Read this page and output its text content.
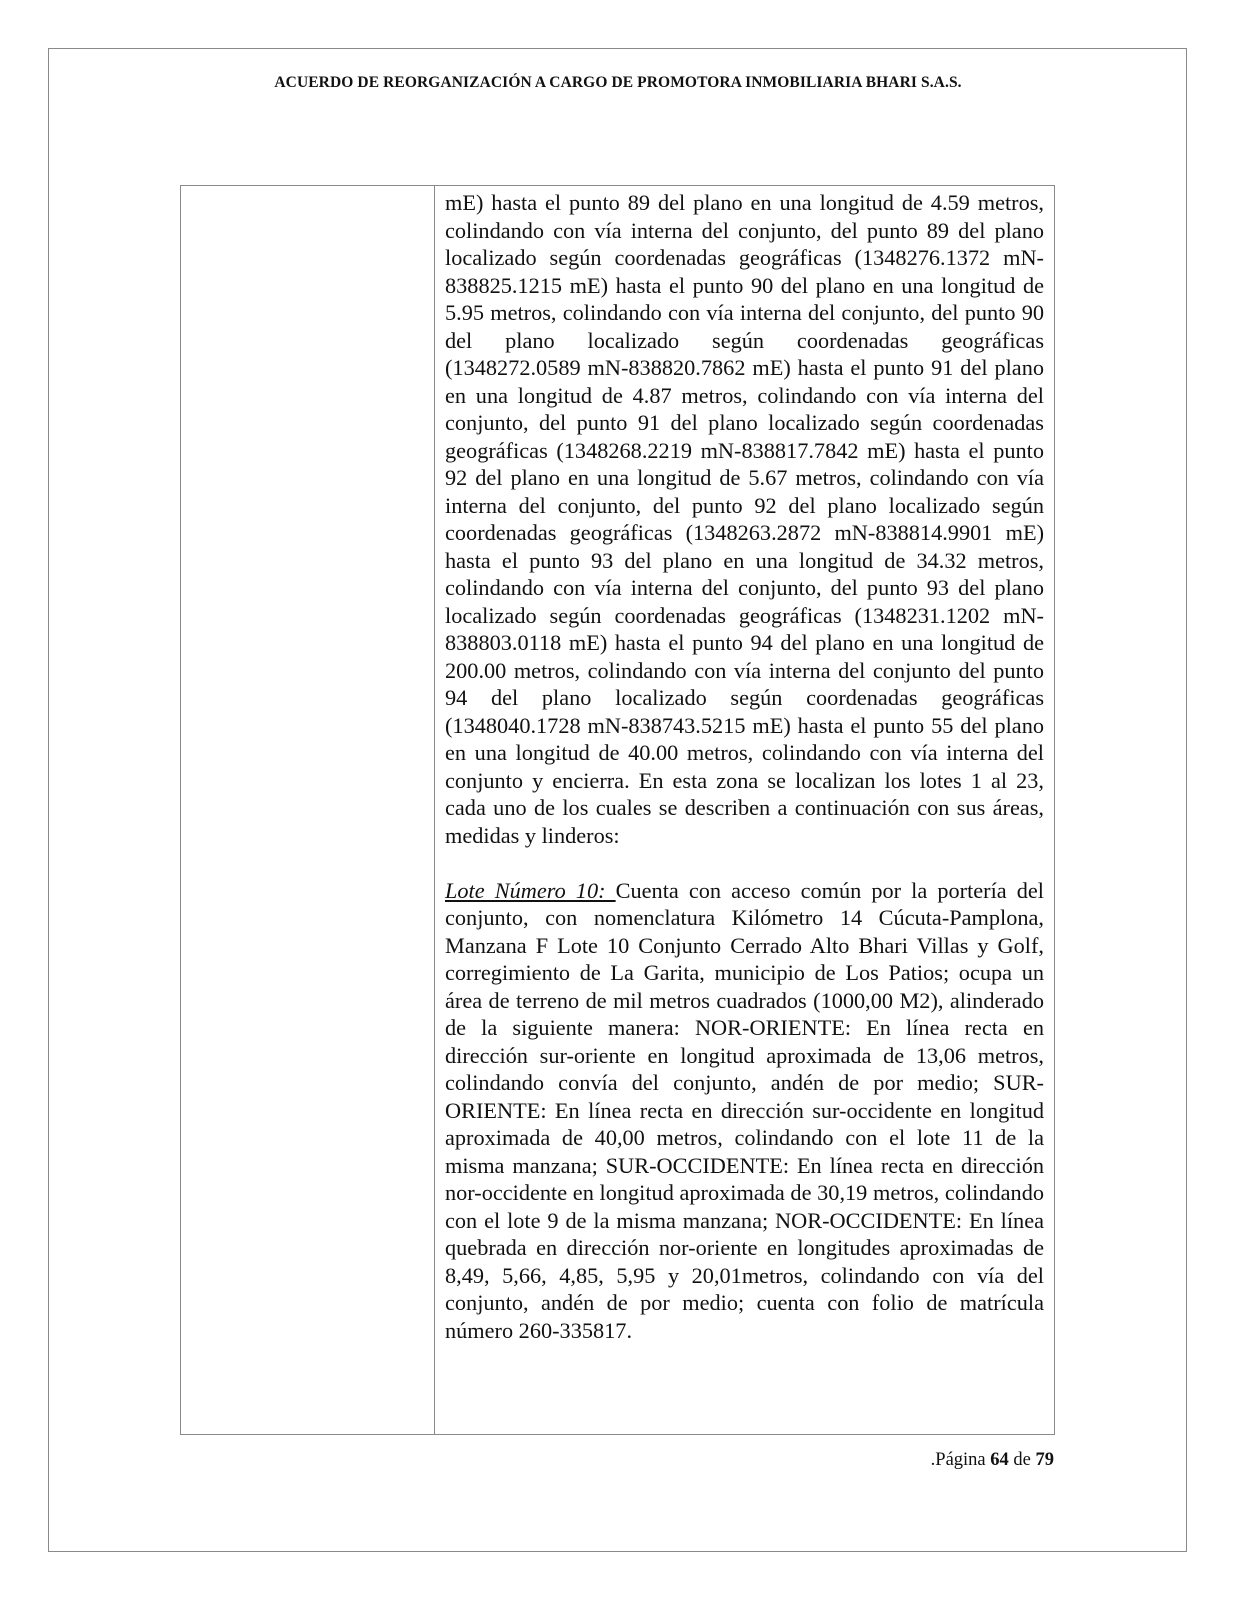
ACUERDO DE REORGANIZACIÓN A CARGO DE PROMOTORA INMOBILIARIA BHARI S.A.S.

mE) hasta el punto 89 del plano en una longitud de 4.59 metros, colindando con vía interna del conjunto, del punto 89 del plano localizado según coordenadas geográficas (1348276.1372 mN-838825.1215 mE) hasta el punto 90 del plano en una longitud de 5.95 metros, colindando con vía interna del conjunto, del punto 90 del plano localizado según coordenadas geográficas (1348272.0589 mN-838820.7862 mE) hasta el punto 91 del plano en una longitud de 4.87 metros, colindando con vía interna del conjunto, del punto 91 del plano localizado según coordenadas geográficas (1348268.2219 mN-838817.7842 mE) hasta el punto 92 del plano en una longitud de 5.67 metros, colindando con vía interna del conjunto, del punto 92 del plano localizado según coordenadas geográficas (1348263.2872 mN-838814.9901 mE) hasta el punto 93 del plano en una longitud de 34.32 metros, colindando con vía interna del conjunto, del punto 93 del plano localizado según coordenadas geográficas (1348231.1202 mN-838803.0118 mE) hasta el punto 94 del plano en una longitud de 200.00 metros, colindando con vía interna del conjunto del punto 94 del plano localizado según coordenadas geográficas (1348040.1728 mN-838743.5215 mE) hasta el punto 55 del plano en una longitud de 40.00 metros, colindando con vía interna del conjunto y encierra. En esta zona se localizan los lotes 1 al 23, cada uno de los cuales se describen a continuación con sus áreas, medidas y linderos:

Lote Número 10: Cuenta con acceso común por la portería del conjunto, con nomenclatura Kilómetro 14 Cúcuta-Pamplona, Manzana F Lote 10 Conjunto Cerrado Alto Bhari Villas y Golf, corregimiento de La Garita, municipio de Los Patios; ocupa un área de terreno de mil metros cuadrados (1000,00 M2), alinderado de la siguiente manera: NOR-ORIENTE: En línea recta en dirección sur-oriente en longitud aproximada de 13,06 metros, colindando convía del conjunto, andén de por medio; SUR-ORIENTE: En línea recta en dirección sur-occidente en longitud aproximada de 40,00 metros, colindando con el lote 11 de la misma manzana; SUR-OCCIDENTE: En línea recta en dirección nor-occidente en longitud aproximada de 30,19 metros, colindando con el lote 9 de la misma manzana; NOR-OCCIDENTE: En línea quebrada en dirección nor-oriente en longitudes aproximadas de 8,49, 5,66, 4,85, 5,95 y 20,01metros, colindando con vía del conjunto, andén de por medio; cuenta con folio de matrícula número 260-335817.

.Página 64 de 79
